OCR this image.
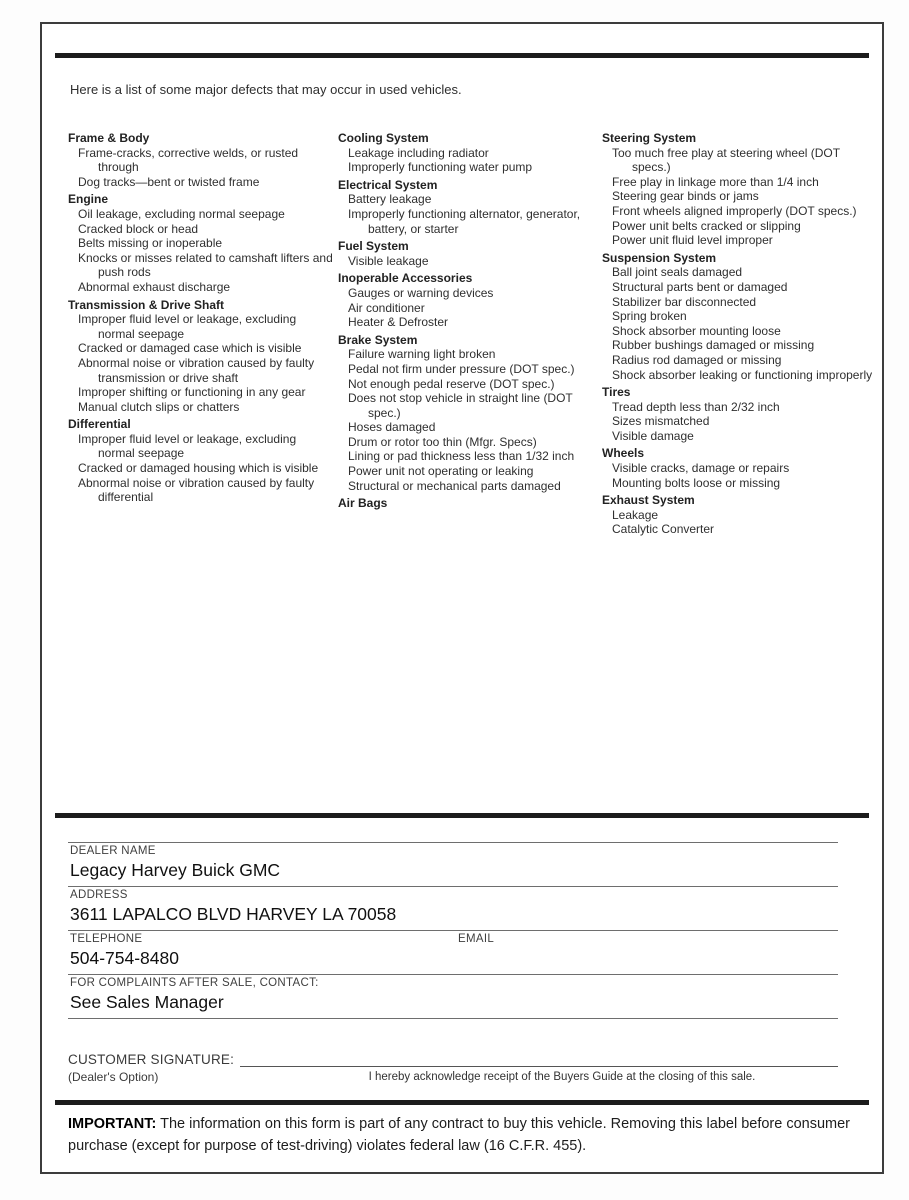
Here is a list of some major defects that may occur in used vehicles.
Frame & Body
Frame-cracks, corrective welds, or rusted through
Dog tracks—bent or twisted frame
Engine
Oil leakage, excluding normal seepage
Cracked block or head
Belts missing or inoperable
Knocks or misses related to camshaft lifters and push rods
Abnormal exhaust discharge
Transmission & Drive Shaft
Improper fluid level or leakage, excluding normal seepage
Cracked or damaged case which is visible
Abnormal noise or vibration caused by faulty transmission or drive shaft
Improper shifting or functioning in any gear
Manual clutch slips or chatters
Differential
Improper fluid level or leakage, excluding normal seepage
Cracked or damaged housing which is visible
Abnormal noise or vibration caused by faulty differential
Cooling System
Leakage including radiator
Improperly functioning water pump
Electrical System
Battery leakage
Improperly functioning alternator, generator, battery, or starter
Fuel System
Visible leakage
Inoperable Accessories
Gauges or warning devices
Air conditioner
Heater & Defroster
Brake System
Failure warning light broken
Pedal not firm under pressure (DOT spec.)
Not enough pedal reserve (DOT spec.)
Does not stop vehicle in straight line (DOT spec.)
Hoses damaged
Drum or rotor too thin (Mfgr. Specs)
Lining or pad thickness less than 1/32 inch
Power unit not operating or leaking
Structural or mechanical parts damaged
Air Bags
Steering System
Too much free play at steering wheel (DOT specs.)
Free play in linkage more than 1/4 inch
Steering gear binds or jams
Front wheels aligned improperly (DOT specs.)
Power unit belts cracked or slipping
Power unit fluid level improper
Suspension System
Ball joint seals damaged
Structural parts bent or damaged
Stabilizer bar disconnected
Spring broken
Shock absorber mounting loose
Rubber bushings damaged or missing
Radius rod damaged or missing
Shock absorber leaking or functioning improperly
Tires
Tread depth less than 2/32 inch
Sizes mismatched
Visible damage
Wheels
Visible cracks, damage or repairs
Mounting bolts loose or missing
Exhaust System
Leakage
Catalytic Converter
DEALER NAME
Legacy Harvey Buick GMC
ADDRESS
3611 LAPALCO BLVD HARVEY LA 70058
TELEPHONE	EMAIL
504-754-8480
FOR COMPLAINTS AFTER SALE, CONTACT:
See Sales Manager
CUSTOMER SIGNATURE:
(Dealer's Option)	I hereby acknowledge receipt of the Buyers Guide at the closing of this sale.
IMPORTANT: The information on this form is part of any contract to buy this vehicle. Removing this label before consumer purchase (except for purpose of test-driving) violates federal law (16 C.F.R. 455).
